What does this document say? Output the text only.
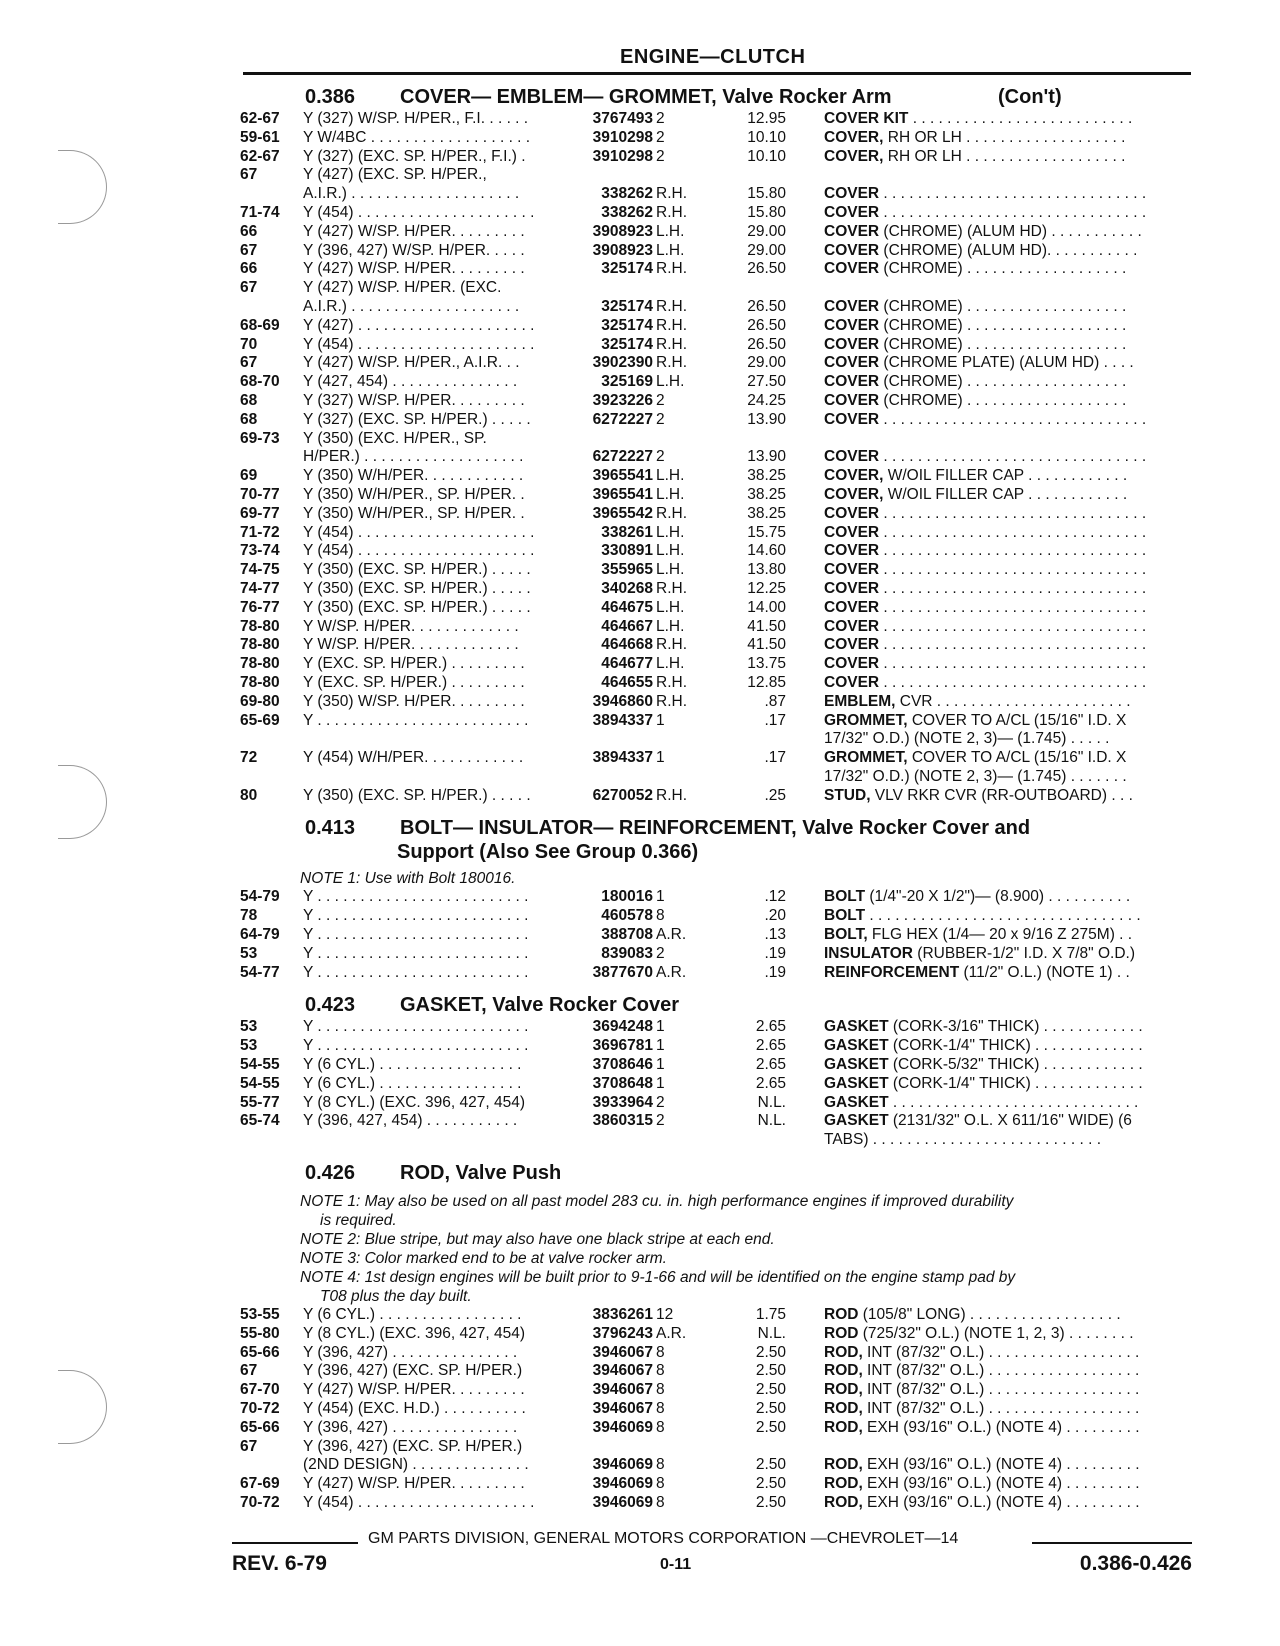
ENGINE—CLUTCH
0.386 COVER— EMBLEM— GROMMET, Valve Rocker Arm	(Con't)
62-67 Y (327) W/SP. H/PER., F.I. . . . . .	3767493 2	12.95 COVER KIT . . . . . . . . . . . . . . . . . . . . . . . . . .
59-61 Y W/4BC . . . . . . . . . . . . . . . . . . .	3910298 2	10.10 COVER, RH OR LH . . . . . . . . . . . . . . . . . . .
62-67 Y (327) (EXC. SP. H/PER., F.I.) .	3910298 2	10.10 COVER, RH OR LH . . . . . . . . . . . . . . . . . . .
67	Y (427) (EXC. SP. H/PER.,
A.I.R.) . . . . . . . . . . . . . . . . . . . .	338262 R.H.	15.80 COVER . . . . . . . . . . . . . . . . . . . . . . . . . . . . . . .
71-74 Y (454) . . . . . . . . . . . . . . . . . . . . .	338262 R.H.	15.80 COVER . . . . . . . . . . . . . . . . . . . . . . . . . . . . . . .
66	Y (427) W/SP. H/PER. . . . . . . . .	3908923 L.H.	29.00 COVER (CHROME) (ALUM HD) . . . . . . . . . . .
67	Y (396, 427) W/SP. H/PER. . . . .	3908923 L.H.	29.00 COVER (CHROME) (ALUM HD). . . . . . . . . . .
66	Y (427) W/SP. H/PER. . . . . . . . .	325174 R.H.	26.50 COVER (CHROME) . . . . . . . . . . . . . . . . . . .
67	Y (427) W/SP. H/PER. (EXC.
A.I.R.) . . . . . . . . . . . . . . . . . . . .	325174 R.H.	26.50 COVER (CHROME) . . . . . . . . . . . . . . . . . . .
68-69 Y (427) . . . . . . . . . . . . . . . . . . . . .	325174 R.H.	26.50 COVER (CHROME) . . . . . . . . . . . . . . . . . . .
70	Y (454) . . . . . . . . . . . . . . . . . . . . .	325174 R.H.	26.50 COVER (CHROME) . . . . . . . . . . . . . . . . . . .
67	Y (427) W/SP. H/PER., A.I.R. . .	3902390 R.H.	29.00 COVER (CHROME PLATE) (ALUM HD) . . . .
68-70 Y (427, 454) . . . . . . . . . . . . . . .	325169 L.H.	27.50 COVER (CHROME) . . . . . . . . . . . . . . . . . . .
68	Y (327) W/SP. H/PER. . . . . . . . .	3923226 2	24.25 COVER (CHROME) . . . . . . . . . . . . . . . . . . .
68	Y (327) (EXC. SP. H/PER.) . . . . .	6272227 2	13.90 COVER . . . . . . . . . . . . . . . . . . . . . . . . . . . . . . .
69-73 Y (350) (EXC. H/PER., SP.
H/PER.) . . . . . . . . . . . . . . . . . . .	6272227 2	13.90 COVER . . . . . . . . . . . . . . . . . . . . . . . . . . . . . . .
69	Y (350) W/H/PER. . . . . . . . . . . .	3965541 L.H.	38.25 COVER, W/OIL FILLER CAP . . . . . . . . . . . .
70-77 Y (350) W/H/PER., SP. H/PER. .	3965541 L.H.	38.25 COVER, W/OIL FILLER CAP . . . . . . . . . . . .
69-77 Y (350) W/H/PER., SP. H/PER. .	3965542 R.H.	38.25 COVER . . . . . . . . . . . . . . . . . . . . . . . . . . . . . . .
71-72 Y (454) . . . . . . . . . . . . . . . . . . . . .	338261 L.H.	15.75 COVER . . . . . . . . . . . . . . . . . . . . . . . . . . . . . . .
73-74 Y (454) . . . . . . . . . . . . . . . . . . . . .	330891 L.H.	14.60 COVER . . . . . . . . . . . . . . . . . . . . . . . . . . . . . . .
74-75 Y (350) (EXC. SP. H/PER.) . . . . .	355965 L.H.	13.80 COVER . . . . . . . . . . . . . . . . . . . . . . . . . . . . . . .
74-77 Y (350) (EXC. SP. H/PER.) . . . . .	340268 R.H.	12.25 COVER . . . . . . . . . . . . . . . . . . . . . . . . . . . . . . .
76-77 Y (350) (EXC. SP. H/PER.) . . . . .	464675 L.H.	14.00 COVER . . . . . . . . . . . . . . . . . . . . . . . . . . . . . . .
78-80 Y W/SP. H/PER. . . . . . . . . . . . .	464667 L.H.	41.50 COVER . . . . . . . . . . . . . . . . . . . . . . . . . . . . . . .
78-80 Y W/SP. H/PER. . . . . . . . . . . . .	464668 R.H.	41.50 COVER . . . . . . . . . . . . . . . . . . . . . . . . . . . . . . .
78-80 Y (EXC. SP. H/PER.) . . . . . . . . .	464677 L.H.	13.75 COVER . . . . . . . . . . . . . . . . . . . . . . . . . . . . . . .
78-80 Y (EXC. SP. H/PER.) . . . . . . . . .	464655 R.H.	12.85 COVER . . . . . . . . . . . . . . . . . . . . . . . . . . . . . . .
69-80 Y (350) W/SP. H/PER. . . . . . . . .	3946860 R.H.	.87 EMBLEM, CVR . . . . . . . . . . . . . . . . . . . . . . .
65-69 Y . . . . . . . . . . . . . . . . . . . . . . . . .	3894337 1	.17 GROMMET, COVER TO A/CL (15/16" I.D. X
17/32" O.D.) (NOTE 2, 3)— (1.745) . . . . .
72	Y (454) W/H/PER. . . . . . . . . . . .	3894337 1	.17 GROMMET, COVER TO A/CL (15/16" I.D. X
17/32" O.D.) (NOTE 2, 3)— (1.745) . . . . . . .
80	Y (350) (EXC. SP. H/PER.) . . . . .	6270052 R.H.	.25 STUD, VLV RKR CVR (RR-OUTBOARD) . . .
0.413 BOLT— INSULATOR— REINFORCEMENT, Valve Rocker Cover and
Support (Also See Group 0.366)
NOTE 1: Use with Bolt 180016.
54-79 Y . . . . . . . . . . . . . . . . . . . . . . . . .	180016 1	.12 BOLT (1/4"-20 X 1/2")— (8.900) . . . . . . . . . .
78	Y . . . . . . . . . . . . . . . . . . . . . . . . .	460578 8	.20 BOLT . . . . . . . . . . . . . . . . . . . . . . . . . . . . . . . .
64-79 Y . . . . . . . . . . . . . . . . . . . . . . . . .	388708 A.R.	.13 BOLT, FLG HEX (1/4— 20 x 9/16 Z 275M) . .
53	Y . . . . . . . . . . . . . . . . . . . . . . . . .	839083 2	.19 INSULATOR (RUBBER-1/2" I.D. X 7/8" O.D.)
54-77 Y . . . . . . . . . . . . . . . . . . . . . . . . .	3877670 A.R.	.19 REINFORCEMENT (11/2" O.L.) (NOTE 1) . .
0.423 GASKET, Valve Rocker Cover
53	Y . . . . . . . . . . . . . . . . . . . . . . . . .	3694248 1	2.65 GASKET (CORK-3/16" THICK) . . . . . . . . . . . .
53	Y . . . . . . . . . . . . . . . . . . . . . . . . .	3696781 1	2.65 GASKET (CORK-1/4" THICK) . . . . . . . . . . . . .
54-55 Y (6 CYL.) . . . . . . . . . . . . . . . . .	3708646 1	2.65 GASKET (CORK-5/32" THICK) . . . . . . . . . . . .
54-55 Y (6 CYL.) . . . . . . . . . . . . . . . . .	3708648 1	2.65 GASKET (CORK-1/4" THICK) . . . . . . . . . . . . .
55-77 Y (8 CYL.) (EXC. 396, 427, 454)	3933964 2	N.L. GASKET . . . . . . . . . . . . . . . . . . . . . . . . . . . . .
65-74 Y (396, 427, 454) . . . . . . . . . . .	3860315 2	N.L. GASKET (2131/32" O.L. X 611/16" WIDE) (6
TABS) . . . . . . . . . . . . . . . . . . . . . . . . . . .
0.426 ROD, Valve Push
NOTE 1: May also be used on all past model 283 cu. in. high performance engines if improved durability
is required.
NOTE 2: Blue stripe, but may also have one black stripe at each end.
NOTE 3: Color marked end to be at valve rocker arm.
NOTE 4: 1st design engines will be built prior to 9-1-66 and will be identified on the engine stamp pad by
T08 plus the day built.
53-55 Y (6 CYL.) . . . . . . . . . . . . . . . . .	3836261 12	1.75 ROD (105/8" LONG) . . . . . . . . . . . . . . . . . .
55-80 Y (8 CYL.) (EXC. 396, 427, 454)	3796243 A.R.	N.L. ROD (725/32" O.L.) (NOTE 1, 2, 3) . . . . . . . .
65-66 Y (396, 427) . . . . . . . . . . . . . . .	3946067 8	2.50 ROD, INT (87/32" O.L.) . . . . . . . . . . . . . . . . . .
67	Y (396, 427) (EXC. SP. H/PER.)	3946067 8	2.50 ROD, INT (87/32" O.L.) . . . . . . . . . . . . . . . . . .
67-70 Y (427) W/SP. H/PER. . . . . . . . .	3946067 8	2.50 ROD, INT (87/32" O.L.) . . . . . . . . . . . . . . . . . .
70-72 Y (454) (EXC. H.D.) . . . . . . . . . .	3946067 8	2.50 ROD, INT (87/32" O.L.) . . . . . . . . . . . . . . . . . .
65-66 Y (396, 427) . . . . . . . . . . . . . . .	3946069 8	2.50 ROD, EXH (93/16" O.L.) (NOTE 4) . . . . . . . . .
67	Y (396, 427) (EXC. SP. H/PER.)
(2ND DESIGN) . . . . . . . . . . . . . .	3946069 8	2.50 ROD, EXH (93/16" O.L.) (NOTE 4) . . . . . . . . .
67-69 Y (427) W/SP. H/PER. . . . . . . . .	3946069 8	2.50 ROD, EXH (93/16" O.L.) (NOTE 4) . . . . . . . . .
70-72 Y (454) . . . . . . . . . . . . . . . . . . . . .	3946069 8	2.50 ROD, EXH (93/16" O.L.) (NOTE 4) . . . . . . . . .
GM PARTS DIVISION, GENERAL MOTORS CORPORATION —CHEVROLET—14
REV. 6-79	0-11	0.386-0.426
